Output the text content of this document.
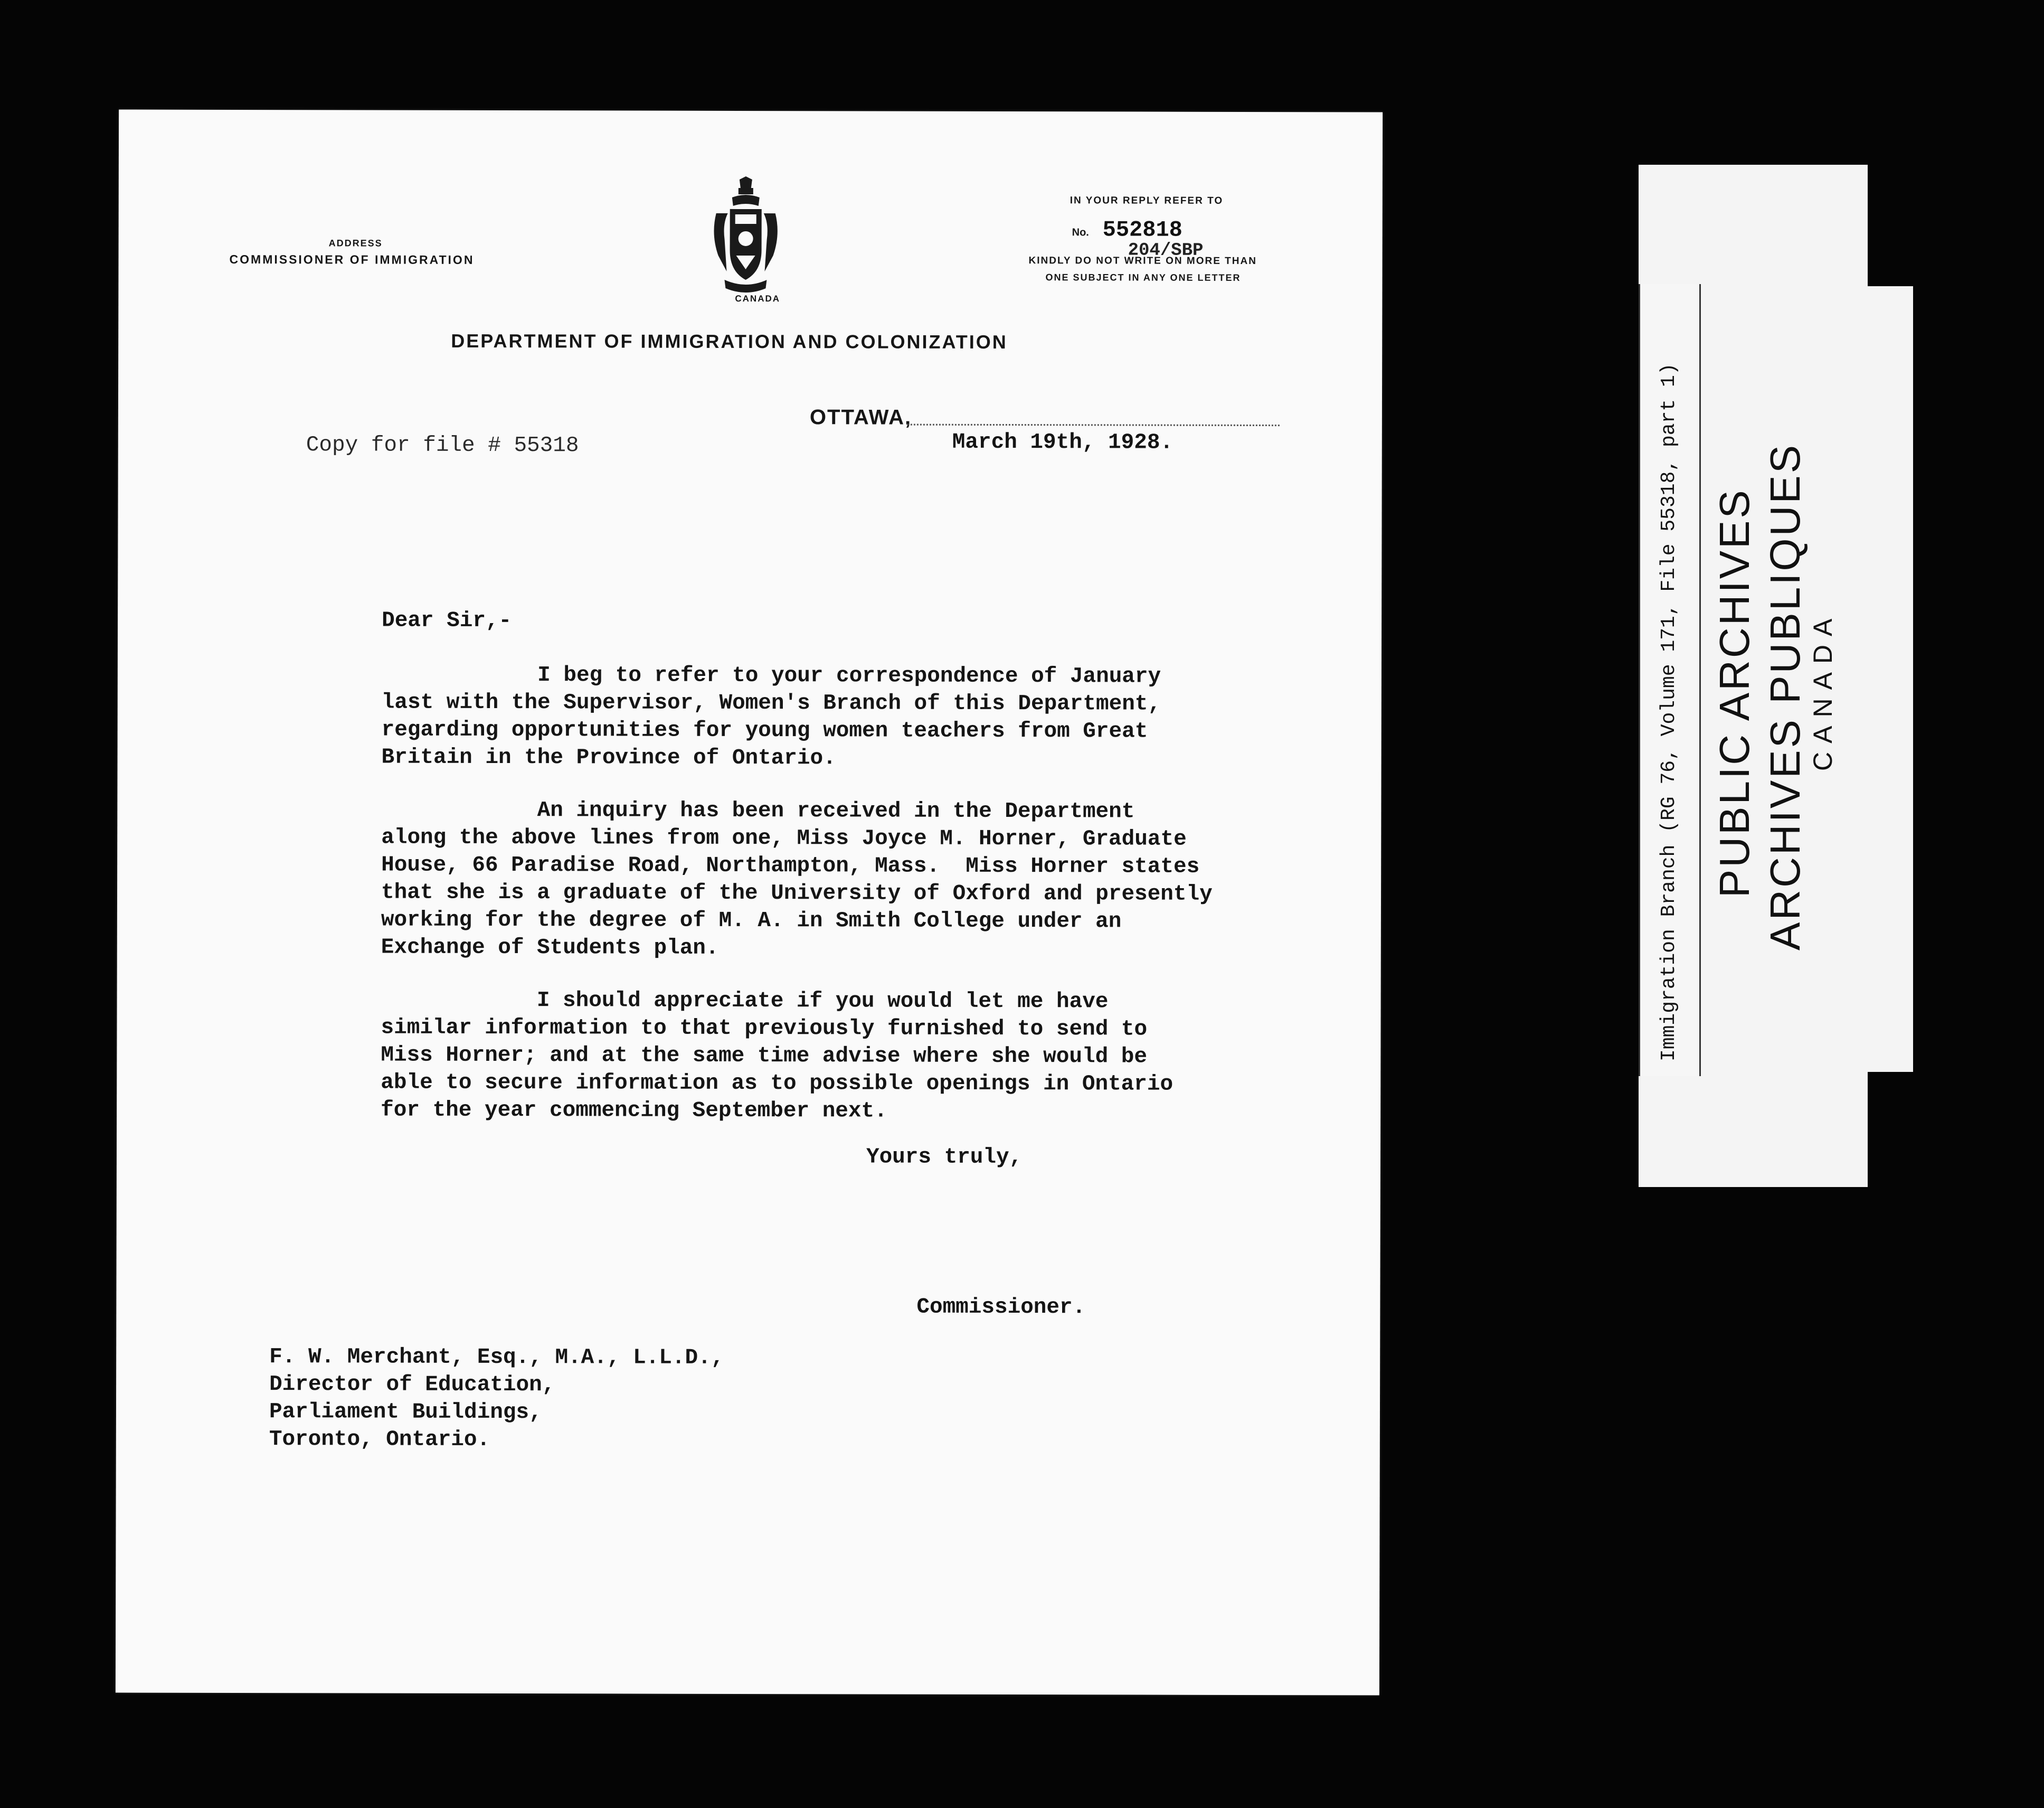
ADDRESS
COMMISSIONER OF IMMIGRATION
CANADA
IN YOUR REPLY REFER TO
No. 552818
204/SBP
KINDLY DO NOT WRITE ON MORE THAN
ONE SUBJECT IN ANY ONE LETTER
DEPARTMENT OF IMMIGRATION AND COLONIZATION
OTTAWA,
Copy for file # 55318	March 19th, 1928.
Dear Sir,-
I beg to refer to your correspondence of January
last with the Supervisor, Women's Branch of this Department,
regarding opportunities for young women teachers from Great
Britain in the Province of Ontario.
An inquiry has been received in the Department
along the above lines from one, Miss Joyce M. Horner, Graduate
House, 66 Paradise Road, Northampton, Mass.  Miss Horner states
that she is a graduate of the University of Oxford and presently
working for the degree of M. A. in Smith College under an
Exchange of Students plan.
I should appreciate if you would let me have
similar information to that previously furnished to send to
Miss Horner; and at the same time advise where she would be
able to secure information as to possible openings in Ontario
for the year commencing September next.
Yours truly,
Commissioner.
F. W. Merchant, Esq., M.A., L.L.D.,
Director of Education,
Parliament Buildings,
Toronto, Ontario.
Immigration Branch (RG 76, Volume 171, File 55318, part 1) PUBLIC ARCHIVES ARCHIVES PUBLIQUES CANADA
